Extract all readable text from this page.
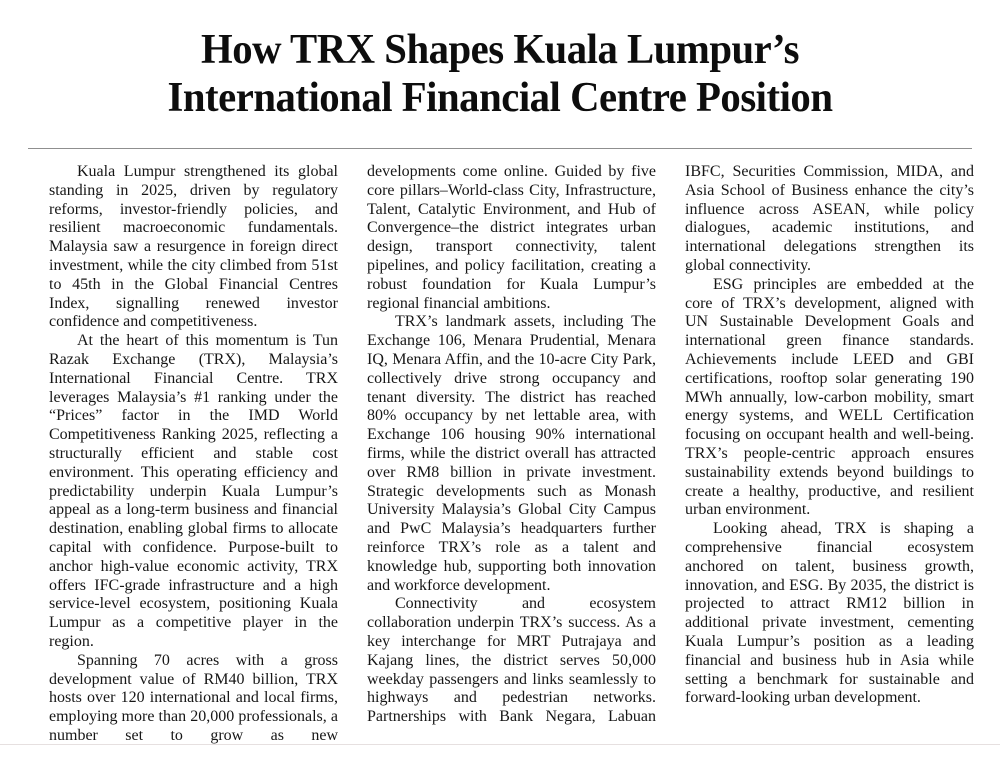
How TRX Shapes Kuala Lumpur’s
International Financial Centre Position

Kuala Lumpur strengthened its global standing in 2025, driven by regulatory reforms, investor-friendly policies, and resilient macroeconomic fundamentals. Malaysia saw a resurgence in foreign direct investment, while the city climbed from 51st to 45th in the Global Financial Centres Index, signalling renewed investor confidence and competitiveness.

At the heart of this momentum is Tun Razak Exchange (TRX), Malaysia’s International Financial Centre. TRX leverages Malaysia’s #1 ranking under the “Prices” factor in the IMD World Competitiveness Ranking 2025, reflecting a structurally efficient and stable cost environment. This operating efficiency and predictability underpin Kuala Lumpur’s appeal as a long-term business and financial destination, enabling global firms to allocate capital with confidence. Purpose-built to anchor high-value economic activity, TRX offers IFC-grade infrastructure and a high service-level ecosystem, positioning Kuala Lumpur as a competitive player in the region.

Spanning 70 acres with a gross development value of RM40 billion, TRX hosts over 120 international and local firms, employing more than 20,000 professionals, a number set to grow as new

developments come online. Guided by five core pillars–World-class City, Infrastructure, Talent, Catalytic Environment, and Hub of Convergence–the district integrates urban design, transport connectivity, talent pipelines, and policy facilitation, creating a robust foundation for Kuala Lumpur’s regional financial ambitions.

TRX’s landmark assets, including The Exchange 106, Menara Prudential, Menara IQ, Menara Affin, and the 10-acre City Park, collectively drive strong occupancy and tenant diversity. The district has reached 80% occupancy by net lettable area, with Exchange 106 housing 90% international firms, while the district overall has attracted over RM8 billion in private investment. Strategic developments such as Monash University Malaysia’s Global City Campus and PwC Malaysia’s headquarters further reinforce TRX’s role as a talent and knowledge hub, supporting both innovation and workforce development.

Connectivity and ecosystem collaboration underpin TRX’s success. As a key interchange for MRT Putrajaya and Kajang lines, the district serves 50,000 weekday passengers and links seamlessly to highways and pedestrian networks. Partnerships with Bank Negara, Labuan

IBFC, Securities Commission, MIDA, and Asia School of Business enhance the city’s influence across ASEAN, while policy dialogues, academic institutions, and international delegations strengthen its global connectivity.

ESG principles are embedded at the core of TRX’s development, aligned with UN Sustainable Development Goals and international green finance standards. Achievements include LEED and GBI certifications, rooftop solar generating 190 MWh annually, low-carbon mobility, smart energy systems, and WELL Certification focusing on occupant health and well-being. TRX’s people-centric approach ensures sustainability extends beyond buildings to create a healthy, productive, and resilient urban environment.

Looking ahead, TRX is shaping a comprehensive financial ecosystem anchored on talent, business growth, innovation, and ESG. By 2035, the district is projected to attract RM12 billion in additional private investment, cementing Kuala Lumpur’s position as a leading financial and business hub in Asia while setting a benchmark for sustainable and forward-looking urban development.
